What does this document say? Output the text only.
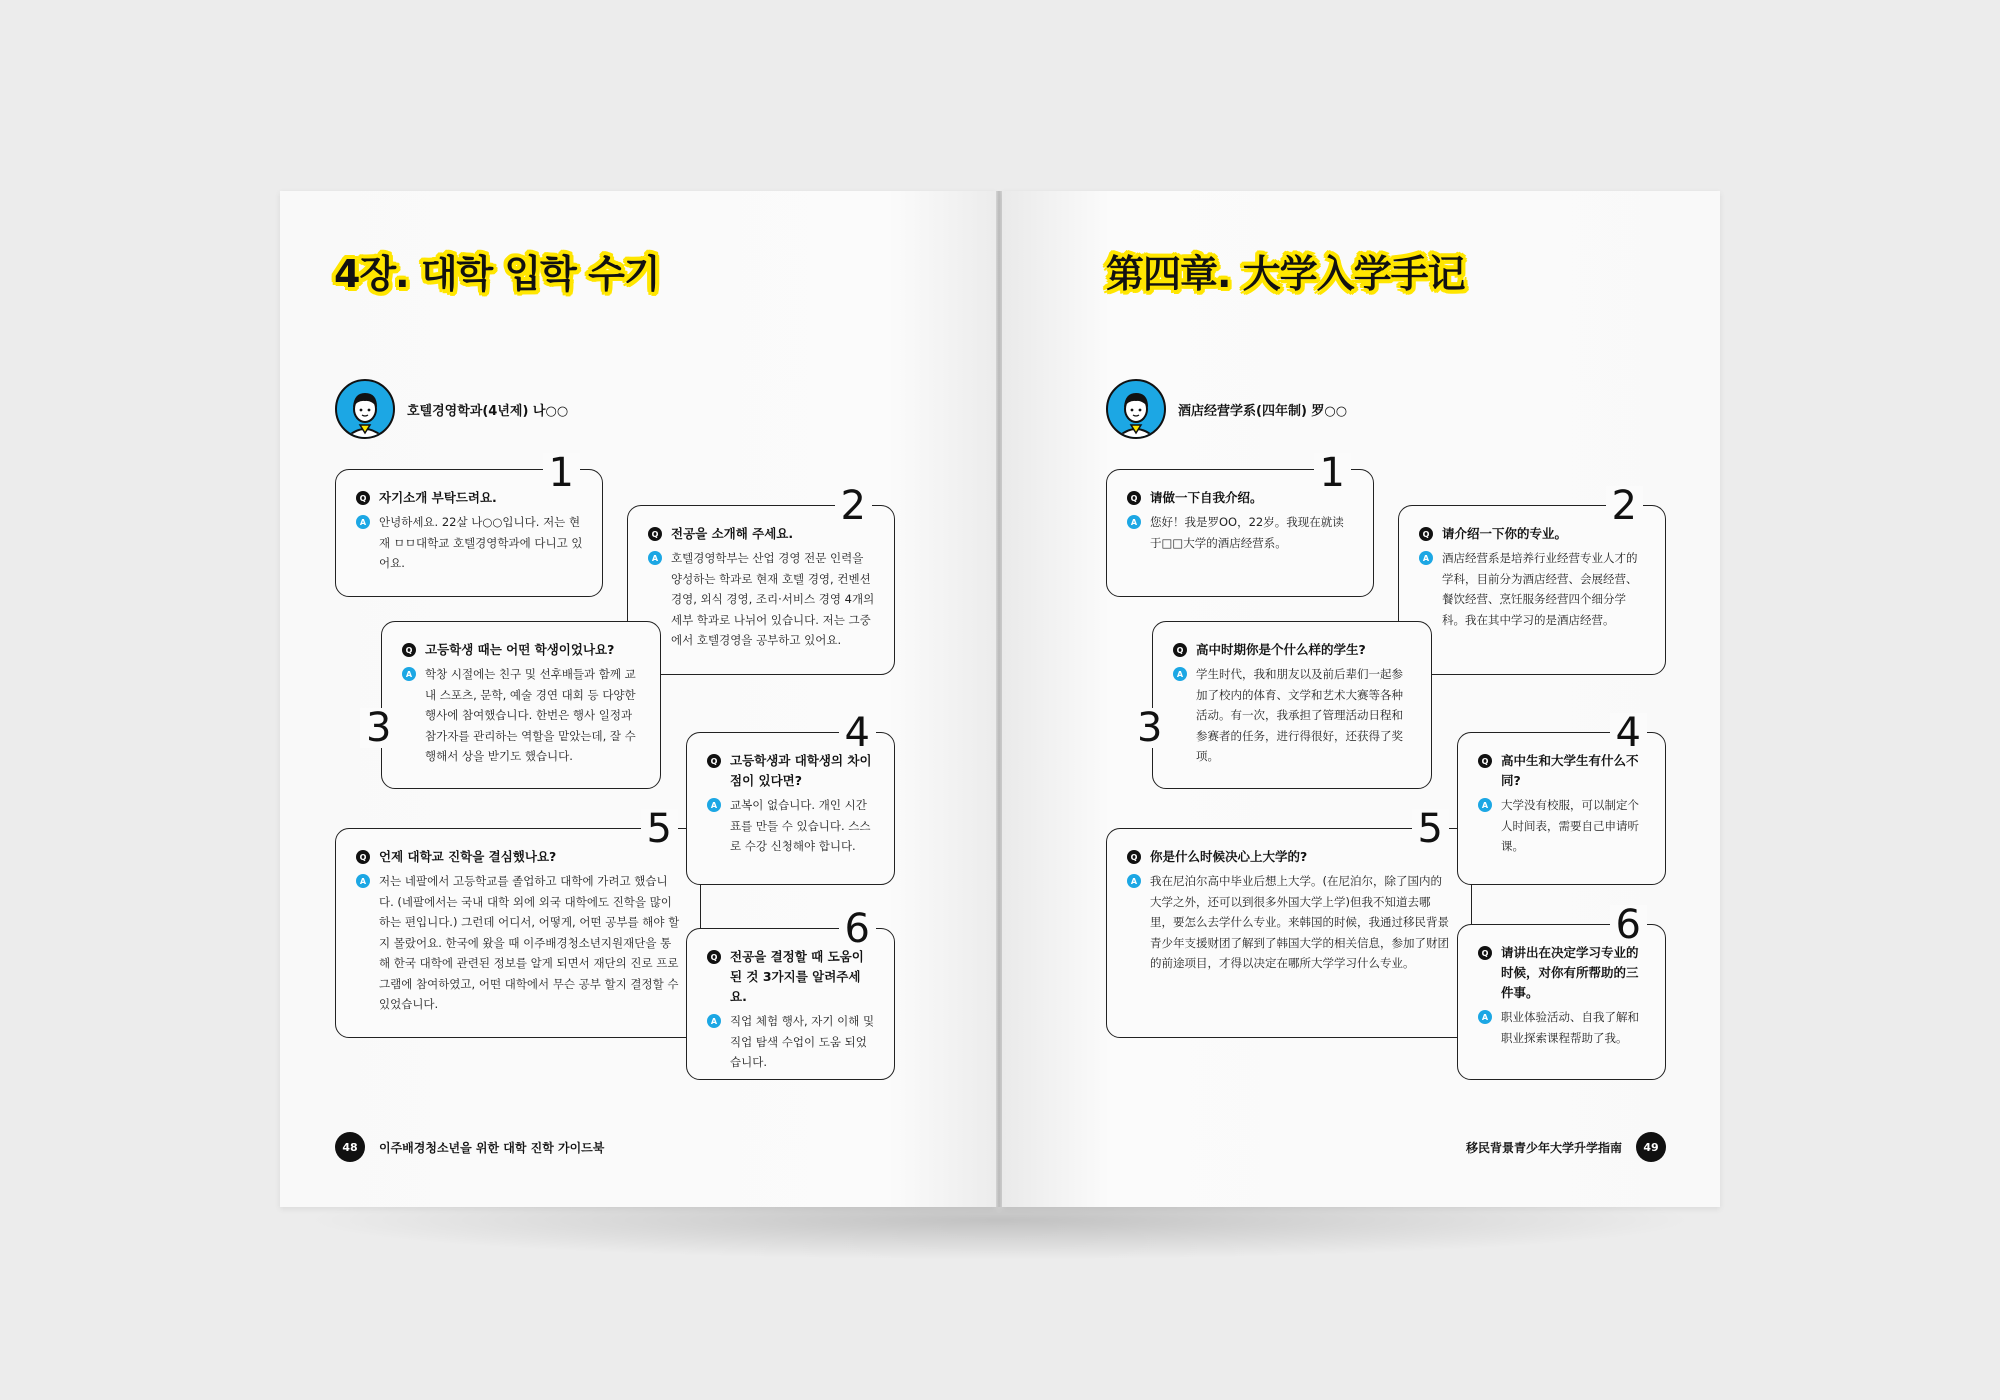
4장. 대학 입학 수기
호텔경영학과(4년제) 나○○
1
Q 자기소개 부탁드려요.
A	안녕하세요. 22살 나○○입니다. 저는 현재 ㅁㅁ대학교 호텔경영학과에 다니고 있어요.
2
Q 전공을 소개해 주세요.
A	호텔경영학부는 산업 경영 전문 인력을 양성하는 학과로 현재 호텔 경영, 컨벤션 경영, 외식 경영, 조리·서비스 경영 4개의 세부 학과로 나뉘어 있습니다. 저는 그중에서 호텔경영을 공부하고 있어요.
3
Q 고등학생 때는 어떤 학생이었나요?
A	학창 시절에는 친구 및 선후배들과 함께 교내 스포츠, 문학, 예술 경연 대회 등 다양한 행사에 참여했습니다. 한번은 행사 일정과 참가자를 관리하는 역할을 맡았는데, 잘 수행해서 상을 받기도 했습니다.
5
Q 언제 대학교 진학을 결심했나요?
A	저는 네팔에서 고등학교를 졸업하고 대학에 가려고 했습니다. (네팔에서는 국내 대학 외에 외국 대학에도 진학을 많이 하는 편입니다.) 그런데 어디서, 어떻게, 어떤 공부를 해야 할지 몰랐어요. 한국에 왔을 때 이주배경청소년지원재단을 통해 한국 대학에 관련된 정보를 알게 되면서 재단의 진로 프로그램에 참여하였고, 어떤 대학에서 무슨 공부 할지 결정할 수 있었습니다.
4
Q 고등학생과 대학생의 차이점이 있다면?
A	교복이 없습니다. 개인 시간표를 만들 수 있습니다. 스스로 수강 신청해야 합니다.
6
Q 전공을 결정할 때 도움이 된 것 3가지를 알려주세요.
A	직업 체험 행사, 자기 이해 및 직업 탐색 수업이 도움 되었습니다.
48	이주배경청소년을 위한 대학 진학 가이드북
第四章. 大学入学手记
酒店经营学系(四年制) 罗○○
1
Q 请做一下自我介绍。
A	您好！我是罗OO，22岁。我现在就读于□□大学的酒店经营系。
2
Q 请介绍一下你的专业。
A	酒店经营系是培养行业经营专业人才的学科，目前分为酒店经营、会展经营、餐饮经营、烹饪服务经营四个细分学科。我在其中学习的是酒店经营。
3
Q 高中时期你是个什么样的学生?
A	学生时代，我和朋友以及前后辈们一起参加了校内的体育、文学和艺术大赛等各种活动。有一次，我承担了管理活动日程和参赛者的任务，进行得很好，还获得了奖项。
5
Q 你是什么时候决心上大学的?
A	我在尼泊尔高中毕业后想上大学。(在尼泊尔，除了国内的大学之外，还可以到很多外国大学上学)但我不知道去哪里，要怎么去学什么专业。来韩国的时候，我通过移民背景青少年支援财团了解到了韩国大学的相关信息，参加了财团的前途项目，才得以决定在哪所大学学习什么专业。
4
Q 高中生和大学生有什么不同?
A	大学没有校服，可以制定个人时间表，需要自己申请听课。
6
Q 请讲出在决定学习专业的时候，对你有所帮助的三件事。
A	职业体验活动、自我了解和职业探索课程帮助了我。
移民背景青少年大学升学指南	49
